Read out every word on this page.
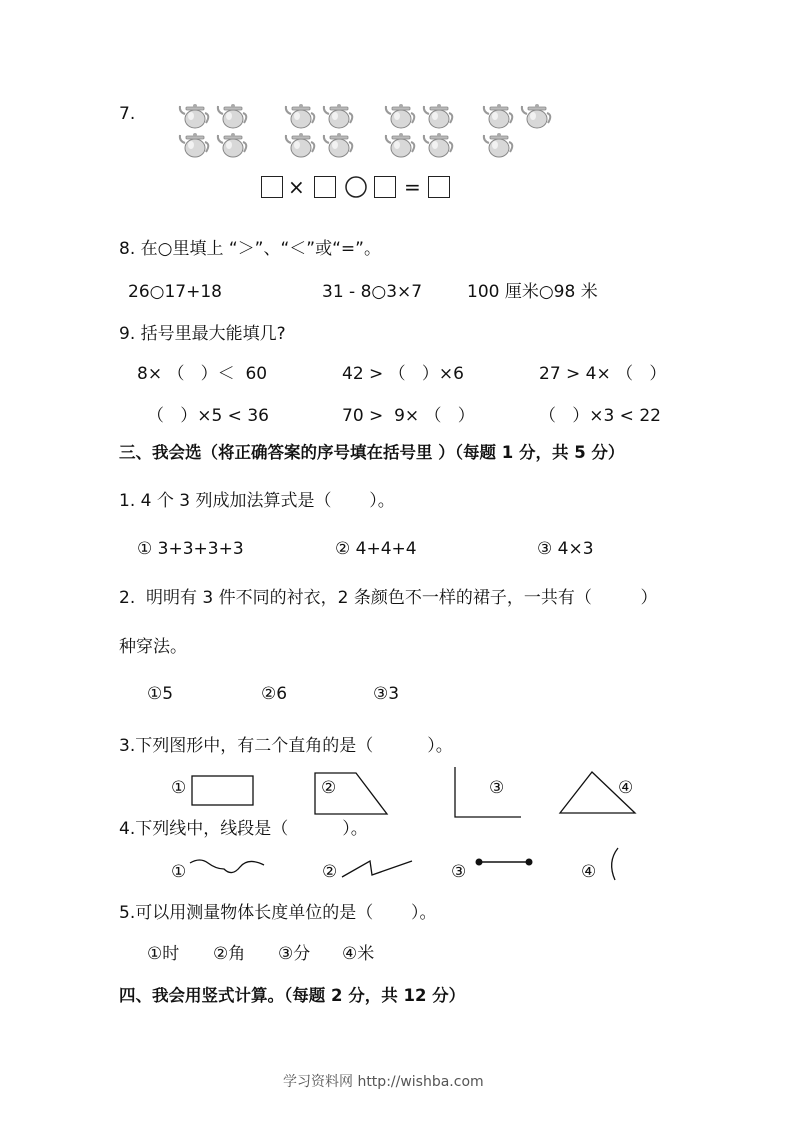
7.
×	=
8. 在○里填上 “＞”、“＜”或“=”。
26○17+18	31 - 8○3×7	100 厘米○98 米
9. 括号里最大能填几?
8× （   ）＜  60	42 > （   ）×6	27 > 4× （   ）
（   ）×5 < 36	70 >  9× （   ）	（   ）×3 < 22
三、我会选（将正确答案的序号填在括号里 ）（每题 1 分，共 5 分）
1. 4 个 3 列成加法算式是（       ）。
① 3+3+3+3	② 4+4+4	③ 4×3
2.  明明有 3 件不同的衬衣，2 条颜色不一样的裙子，一共有（         ）
种穿法。
①5	②6	③3
3.下列图形中，有二个直角的是（          ）。
①	②	③	④
4.下列线中，线段是（          ）。
①	②	③	④
5.可以用测量物体长度单位的是（       ）。
①时 ②角 ③分 ④米
四、我会用竖式计算。（每题 2 分，共 12 分）
学习资料网 http://wishba.com
